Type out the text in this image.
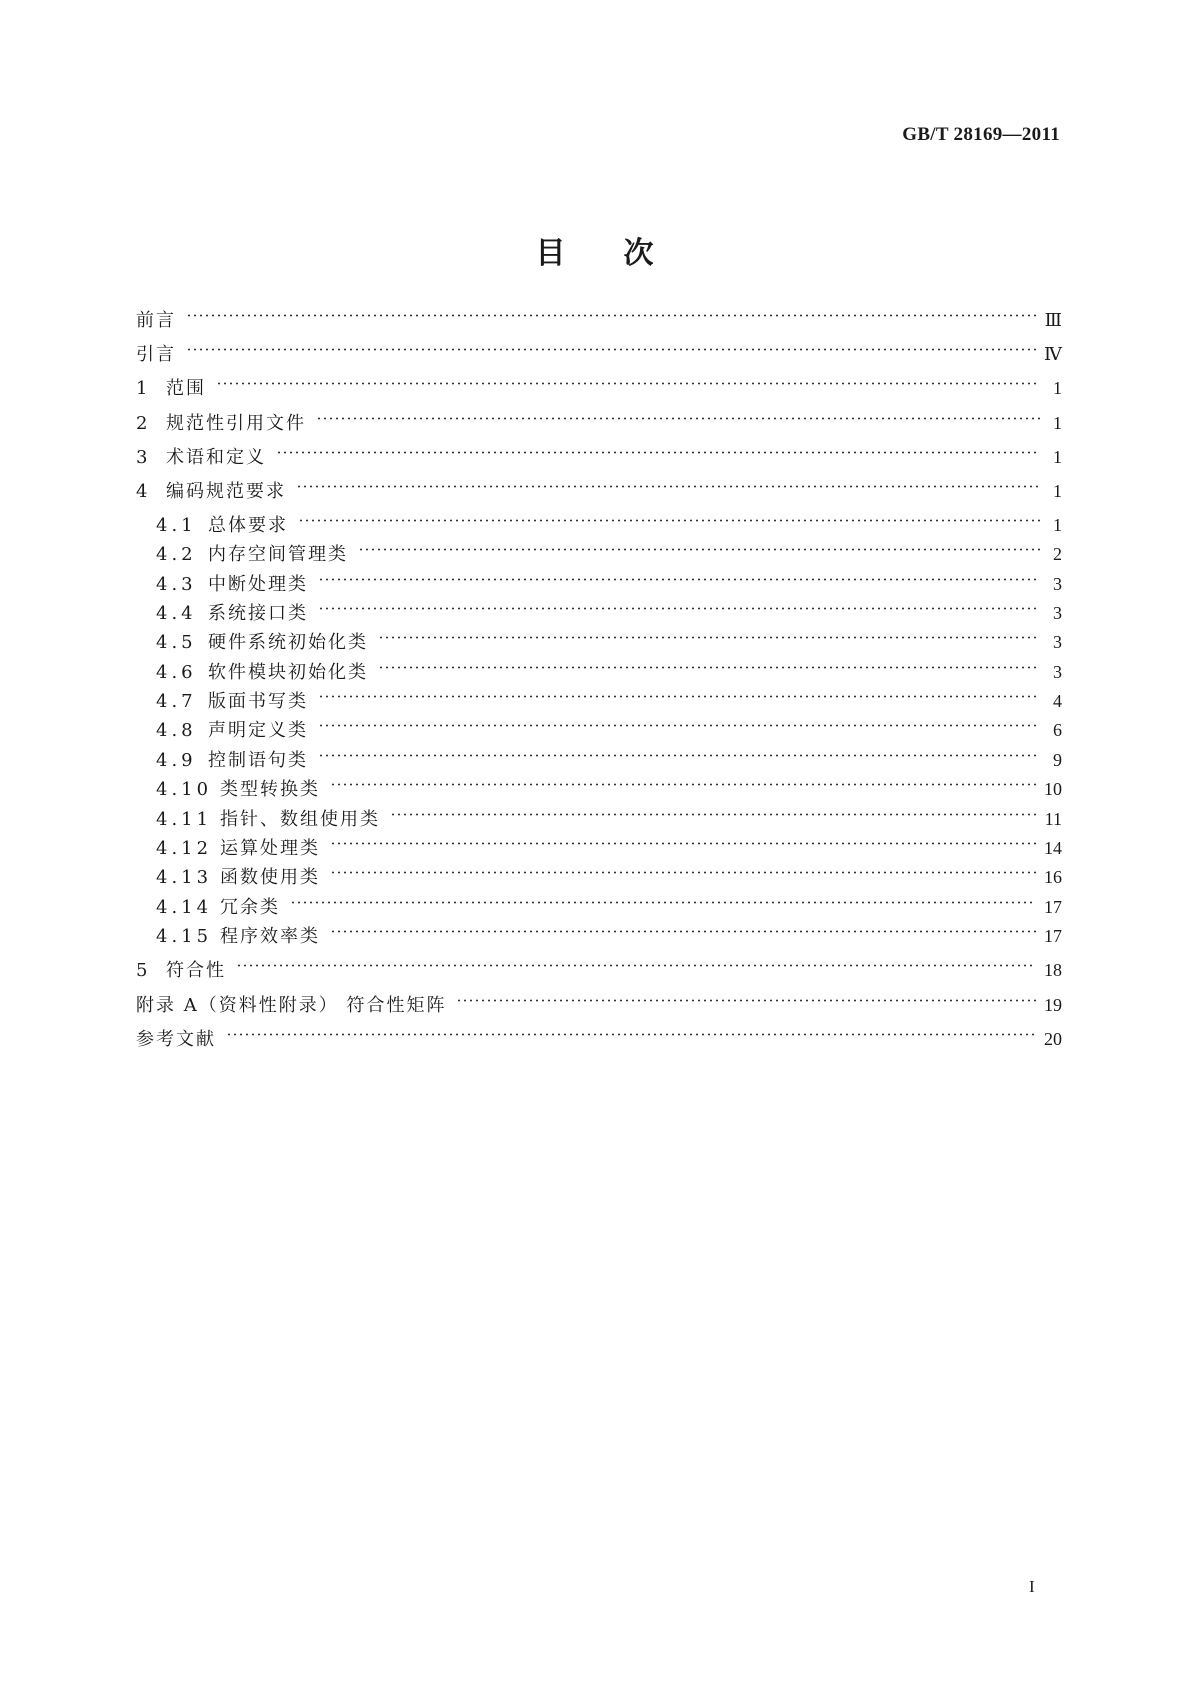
GB/T 28169—2011
目 次
前言	Ⅲ
引言	Ⅳ
1 范围	1
2 规范性引用文件	1
3 术语和定义	1
4 编码规范要求	1
4.1 总体要求	1
4.2 内存空间管理类	2
4.3 中断处理类	3
4.4 系统接口类	3
4.5 硬件系统初始化类	3
4.6 软件模块初始化类	3
4.7 版面书写类	4
4.8 声明定义类	6
4.9 控制语句类	9
4.10 类型转换类	10
4.11 指针、数组使用类	11
4.12 运算处理类	14
4.13 函数使用类	16
4.14 冗余类	17
4.15 程序效率类	17
5 符合性	18
附录 A（资料性附录） 符合性矩阵	19
参考文献	20
I
